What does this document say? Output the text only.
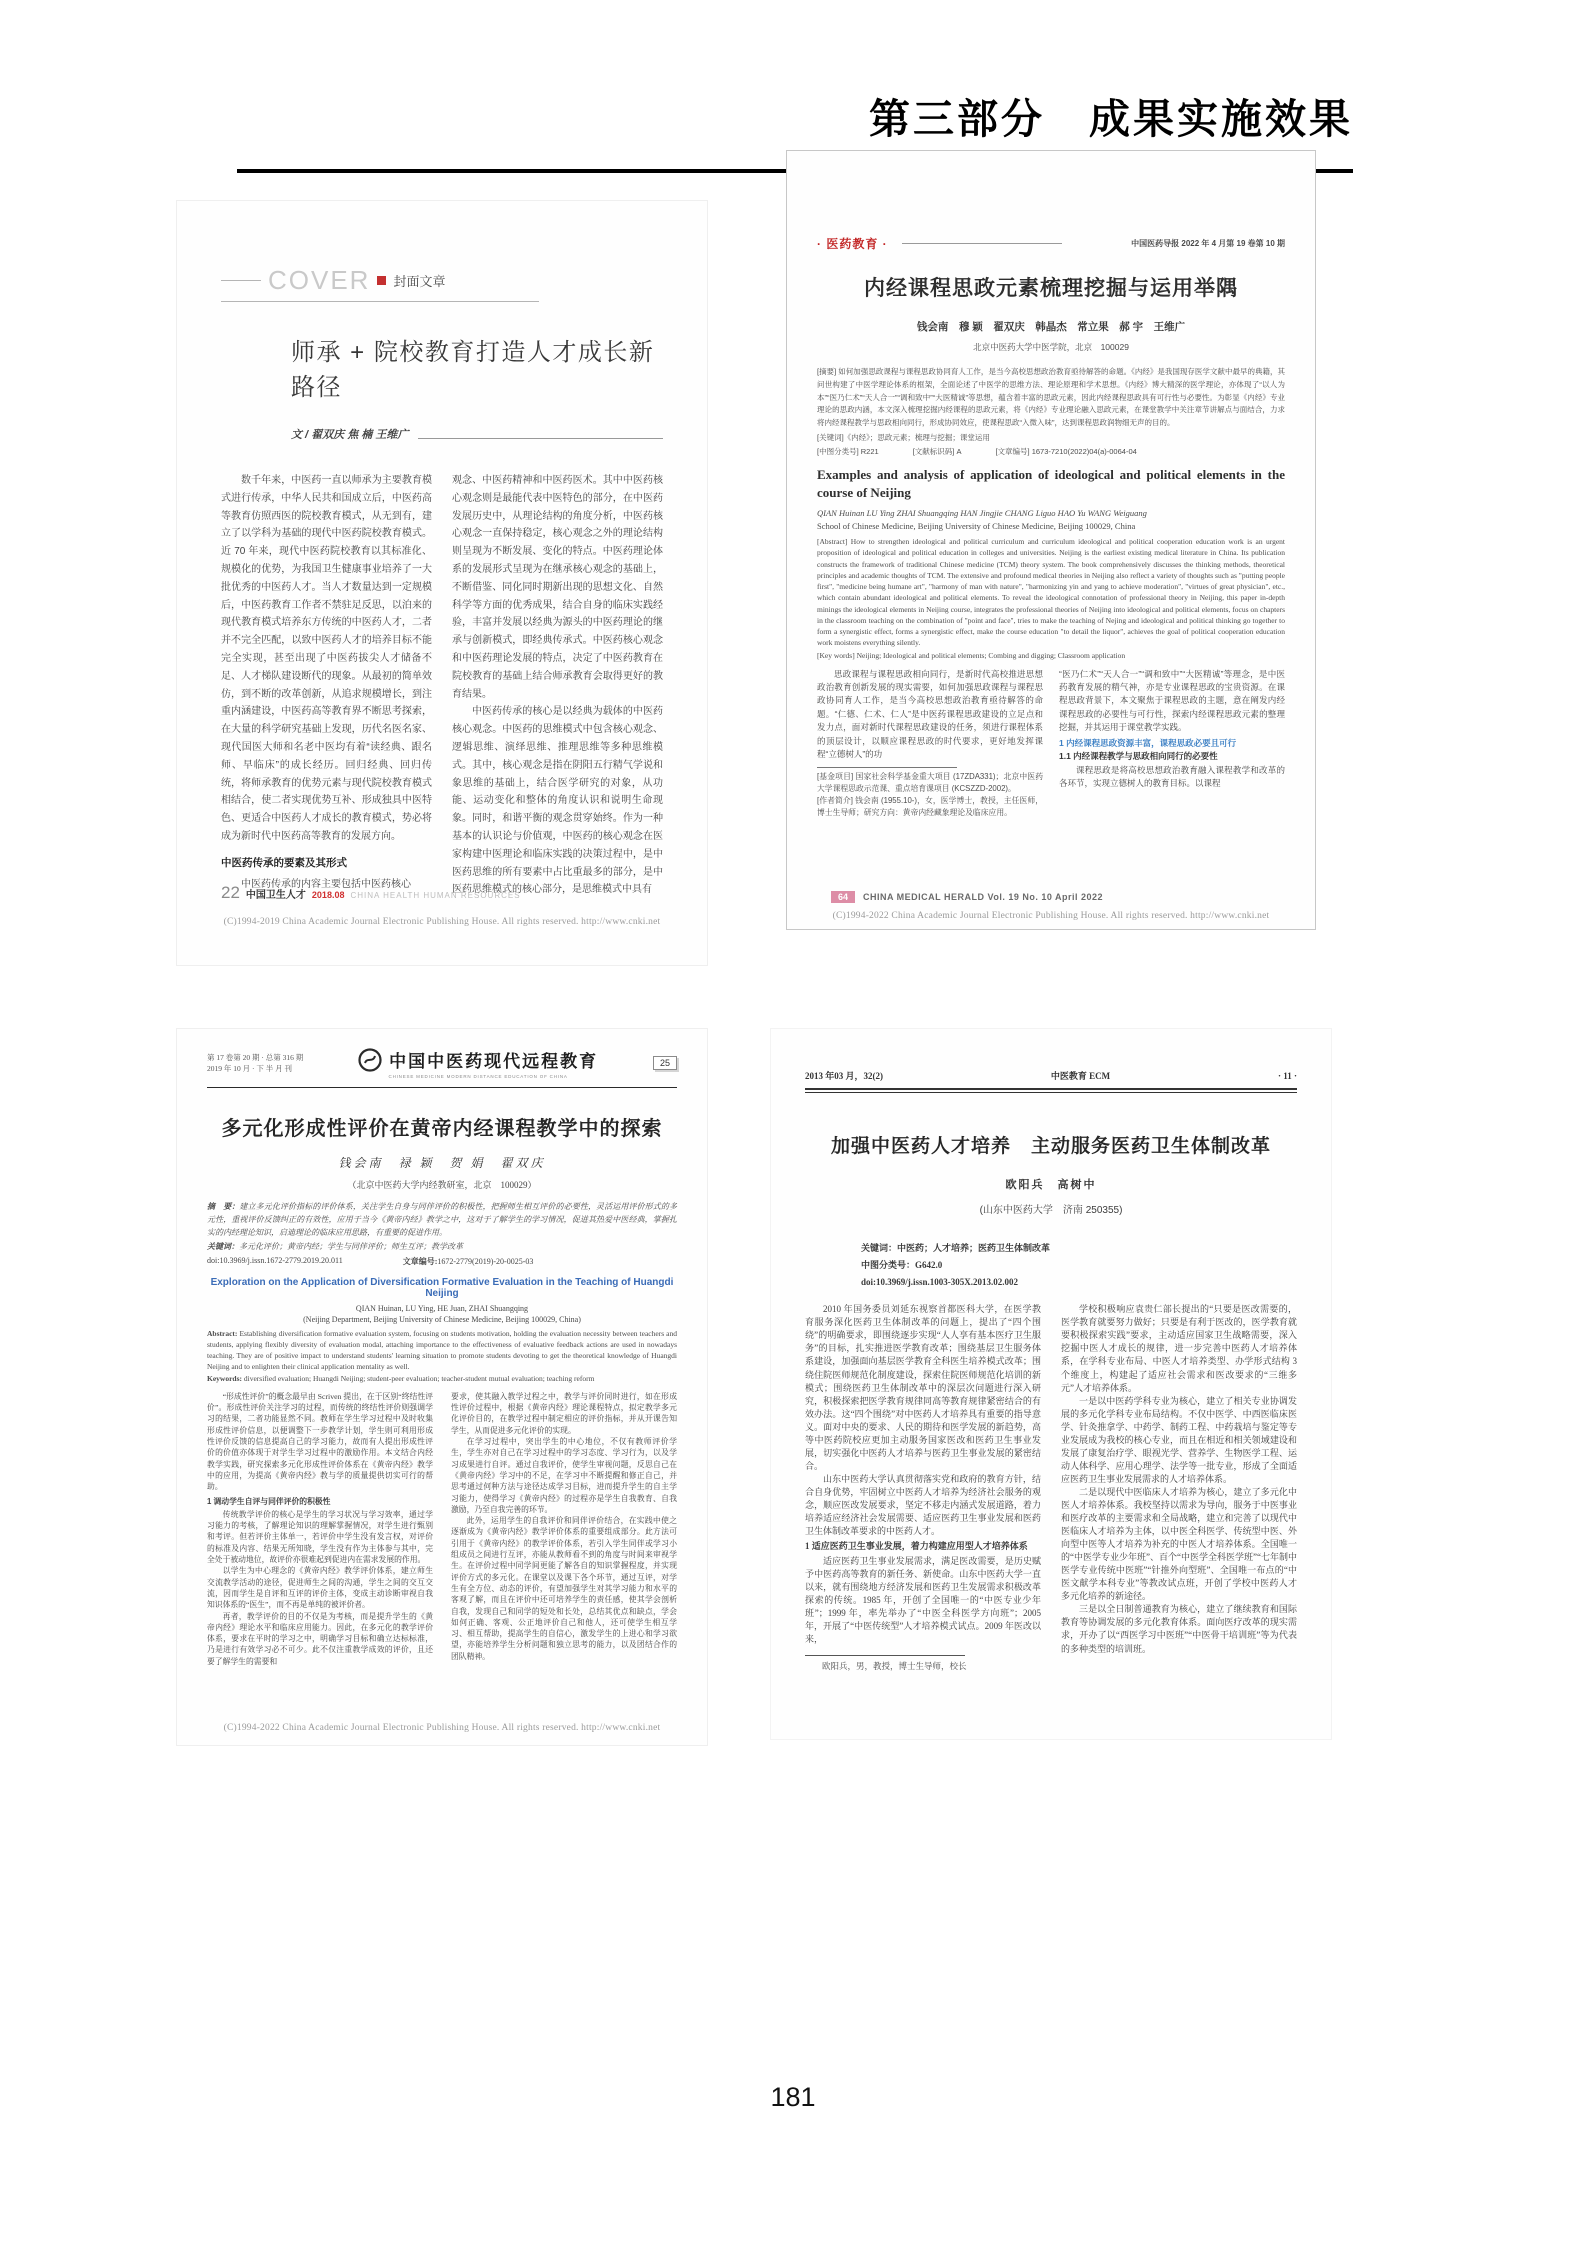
第三部分　成果实施效果
COVER 封面文章
师承 + 院校教育打造人才成长新路径
文 / 翟双庆 焦 楠 王维广

数千年来，中医药一直以师承为主要教育模式进行传承，中华人民共和国成立后，中医药高等教育仿照西医的院校教育模式，从无到有，建立了以学科为基础的现代中医药院校教育模式。近 70 年来，现代中医药院校教育以其标准化、规模化的优势，为我国卫生健康事业培养了一大批优秀的中医药人才。当人才数量达到一定规模后，中医药教育工作者不禁驻足反思，以泊来的现代教育模式培养东方传统的中医药人才，二者并不完全匹配，以致中医药人才的培养目标不能完全实现，甚至出现了中医药拔尖人才储备不足、人才梯队建设断代的现象。从最初的简单效仿，到不断的改革创新，从追求规模增长，到注重内涵建设，中医药高等教育界不断思考探索，在大量的科学研究基础上发现，历代名医名家、现代国医大师和名老中医均有着“读经典、跟名师、早临床”的成长经历。回归经典、回归传统，将师承教育的优势元素与现代院校教育模式相结合，使二者实现优势互补、形成独具中医特色、更适合中医药人才成长的教育模式，势必将成为新时代中医药高等教育的发展方向。

中医药传承的要素及其形式

中医药传承的内容主要包括中医药核心

观念、中医药精神和中医药医术。其中中医药核心观念则是最能代表中医特色的部分，在中医药发展历史中，从理论结构的角度分析，中医药核心观念一直保持稳定，核心观念之外的理论结构则呈现为不断发展、变化的特点。中医药理论体系的发展形式呈现为在继承核心观念的基础上，不断借鉴、同化同时期新出现的思想文化、自然科学等方面的优秀成果，结合自身的临床实践经验，丰富并发展以经典为源头的中医药理论的继承与创新模式，即经典传承式。中医药核心观念和中医药理论发展的特点，决定了中医药教育在院校教育的基础上结合师承教育会取得更好的教育结果。

中医药传承的核心是以经典为载体的中医药核心观念。中医药的思维模式中包含核心观念、逻辑思维、演绎思维、推理思维等多种思维模式。其中，核心观念是指在阴阳五行精气学说和象思维的基础上，结合医学研究的对象，从功能、运动变化和整体的角度认识和说明生命现象。同时，和谐平衡的观念贯穿始终。作为一种基本的认识论与价值观，中医药的核心观念在医家构建中医理论和临床实践的决策过程中，是中医药思维的所有要素中占比重最多的部分，是中医药思维模式的核心部分，是思维模式中具有

22 中国卫生人才 2018.08 CHINA HEALTH HUMAN RESOURCES
(C)1994-2019 China Academic Journal Electronic Publishing House. All rights reserved. http://www.cnki.net
· 医药教育 ·	中国医药导报 2022 年 4 月第 19 卷第 10 期
内经课程思政元素梳理挖掘与运用举隅
钱会南　穆 颖　翟双庆　韩晶杰　常立果　郝 宇　王维广
北京中医药大学中医学院，北京　100029
[摘要] 如何加强思政课程与课程思政协同育人工作，是当今高校思想政治教育亟待解答的命题。《内经》是我国现存医学文献中最早的典籍，其问世构建了中医学理论体系的框架，全面论述了中医学的思维方法、理论原理和学术思想。《内经》博大精深的医学理论，亦体现了“以人为本”“医乃仁术”“天人合一”“调和致中”“大医精诚”等思想，蕴含着丰富的思政元素，因此内经课程思政具有可行性与必要性。为彰显《内经》专业理论的思政内涵，本文深入梳理挖掘内经课程的思政元素，将《内经》专业理论融入思政元素，在课堂教学中关注章节讲解点与面结合，力求将内经课程教学与思政相向同行，形成协同效应，使课程思政“入微入味”，达到课程思政润物细无声的目的。
[关键词]《内经》；思政元素；梳理与挖掘；课堂运用
[中图分类号] R221	[文献标识码] A	[文章编号] 1673-7210(2022)04(a)-0064-04
Examples and analysis of application of ideological and political elements in the course of Neijing
QIAN Huinan LU Ying ZHAI Shuangqing HAN Jingjie CHANG Liguo HAO Yu WANG Weiguang
School of Chinese Medicine, Beijing University of Chinese Medicine, Beijing 100029, China
[Abstract] How to strengthen ideological and political curriculum and curriculum ideological and political cooperation education work is an urgent proposition of ideological and political education in colleges and universities. Neijing is the earliest existing medical literature in China. Its publication constructs the framework of traditional Chinese medicine (TCM) theory system. The book comprehensively discusses the thinking methods, theoretical principles and academic thoughts of TCM. The extensive and profound medical theories in Neijing also reflect a variety of thoughts such as "putting people first", "medicine being humane art", "harmony of man with nature", "harmonizing yin and yang to achieve moderation", "virtues of great physician", etc., which contain abundant ideological and political elements. To reveal the ideological connotation of professional theory in Neijing, this paper in-depth minings the ideological elements in Neijing course, integrates the professional theories of Neijing into ideological and political elements, focus on chapters in the classroom teaching on the combination of "point and face", tries to make the teaching of Nejing and ideological and political thinking go together to form a synergistic effect, forms a synergistic effect, make the course education "to detail the liquor", achieves the goal of political cooperation education work moistens everything silently.
[Key words] Neijing; Ideological and political elements; Combing and digging; Classroom application

思政课程与课程思政相向同行，是新时代高校推进思想政治教育创新发展的现实需要，如何加强思政课程与课程思政协同育人工作，是当今高校思想政治教育亟待解答的命题。“仁德、仁术、仁人”是中医药课程思政建设的立足点和发力点，面对新时代课程思政建设的任务，须进行课程体系的顶层设计，以顺应课程思政的时代要求，更好地发挥课程“立德树人”的功

[基金项目] 国家社会科学基金重大项目 (17ZDA331)；北京中医药大学课程思政示范课、重点培育课项目 (KCSZZD-2002)。

[作者简介] 钱会南 (1955.10-)，女，医学博士，教授，主任医师，博士生导师；研究方向：黄帝内经藏象理论及临床应用。

“医乃仁术”“天人合一”“调和致中”“大医精诚”等理念，是中医药教育发展的精气神，亦是专业课程思政的宝贵资源。在课程思政背景下，本文聚焦于课程思政的主题，意在阐发内经课程思政的必要性与可行性，探索内经课程思政元素的整理挖掘，并其运用于课堂教学实践。

1 内经课程思政资源丰富，课程思政必要且可行

1.1 内经课程教学与思政相向同行的必要性

课程思政是将高校思想政治教育融入课程教学和改革的各环节，实现立德树人的教育目标。以课程

64	CHINA MEDICAL HERALD Vol. 19 No. 10 April 2022
(C)1994-2022 China Academic Journal Electronic Publishing House. All rights reserved. http://www.cnki.net
第 17 卷第 20 期 · 总第 316 期
2019 年 10 月 · 下 半 月 刊	中国中医药现代远程教育
CHINESE MEDICINE MODERN DISTANCE EDUCATION OF CHINA
25
多元化形成性评价在黄帝内经课程教学中的探索
钱会南　禄 颖　贺 娟　翟双庆
（北京中医药大学内经教研室，北京　100029）
摘　要：建立多元化评价指标的评价体系，关注学生自身与同伴评价的积极性，把握师生相互评价的必要性，灵活运用评价形式的多元性，重视评价反馈纠正的有效性，应用于当今《黄帝内经》教学之中，这对于了解学生的学习情况，促进其热爱中医经典，掌握扎实的内经理论知识，启迪理论的临床应用思路，有重要的促进作用。
关键词：多元化评价；黄帝内经；学生与同伴评价；师生互评；教学改革
doi:10.3969/j.issn.1672-2779.2019.20.011	文章编号:1672-2779(2019)-20-0025-03
Exploration on the Application of Diversification Formative Evaluation in the Teaching of Huangdi Neijing
QIAN Huinan, LU Ying, HE Juan, ZHAI Shuangqing
(Neijing Department, Beijing University of Chinese Medicine, Beijing 100029, China)
Abstract: Establishing diversification formative evaluation system, focusing on students motivation, holding the evaluation necessity between teachers and students, applying flexibly diversity of evaluation modal, attaching importance to the effectiveness of evaluative feedback actions are used in nowadays teaching. They are of positive impact to understand students' learning situation to promote students devoting to get the theoretical knowledge of Huangdi Neijing and to enlighten their clinical application mentality as well.
Keywords: diversified evaluation; Huangdi Neijing; student-peer evaluation; teacher-student mutual evaluation; teaching reform

“形成性评价”的概念最早由 Scriven 提出，在于区别“终结性评价”。形成性评价关注学习的过程，而传统的终结性评价则强调学习的结果，二者功能显然不同。教师在学生学习过程中及时收集形成性评价信息，以便调整下一步教学计划，学生则可利用形成性评价反馈的信息提高自己的学习能力，故而有人提出形成性评价的价值亦体现于对学生学习过程中的激励作用。本文结合内经教学实践，研究探索多元化形成性评价体系在《黄帝内经》教学中的应用，为提高《黄帝内经》教与学的质量提供切实可行的帮助。

1 调动学生自评与同伴评价的积极性

传统教学评价的核心是学生的学习状况与学习效率，通过学习能力的考核，了解理论知识的理解掌握情况，对学生进行甄别和考评。但若评价主体单一，若评价中学生没有发言权，对评价的标准及内容、结果无所知晓，学生没有作为主体参与其中，完全处于被动地位，故评价亦很难起到促进内在需求发展的作用。

以学生为中心理念的《黄帝内经》教学评价体系，建立师生交流教学活动的途径，促进师生之间的沟通，学生之间的交互交流，因而学生是自评和互评的评价主体，变成主动诊断审视自我知识体系的“医生”，而不再是单纯的被评价者。

再者，教学评价的目的不仅是为考核，而是提升学生的《黄帝内经》理论水平和临床应用能力。因此，在多元化的教学评价体系，要求在平时的学习之中，明确学习目标和确立达标标准，乃是进行有效学习必不可少。此不仅注重教学成效的评价，且还要了解学生的需要和

要求，使其融入教学过程之中，教学与评价同时进行，如在形成性评价过程中，根据《黄帝内经》理论课程特点，拟定教学多元化评价目的，在教学过程中制定相应的评价指标，并从开课告知学生，从而促进多元化评价的实现。

在学习过程中，突出学生的中心地位，不仅有教师评价学生，学生亦对自己在学习过程中的学习态度、学习行为，以及学习成果进行自评。通过自我评价，使学生审视问题，反思自己在《黄帝内经》学习中的不足，在学习中不断提醒和修正自己，并思考通过何种方法与途径达成学习目标，进而提升学生的自主学习能力，使得学习《黄帝内经》的过程亦是学生自我教育、自我激励，乃至自我完善的环节。

此外，运用学生的自我评价和同伴评价结合，在实践中使之逐渐成为《黄帝内经》教学评价体系的重要组成部分。此方法可引用于《黄帝内经》的教学评价体系，若引入学生同伴或学习小组成员之间进行互评，亦能从教师看不到的角度与时间来审视学生。在评价过程中同学间更能了解各自的知识掌握程度，并实现评价方式的多元化。在课堂以及课下各个环节，通过互评，对学生有全方位、动态的评价，有望加强学生对其学习能力和水平的客观了解，而且在评价中还可培养学生的责任感，使其学会剖析自我，发现自己和同学的短处和长处，总结其优点和缺点，学会如何正确、客观、公正地评价自己和他人，还可使学生相互学习、相互帮助，提高学生的自信心，激发学生的上进心和学习欲望，亦能培养学生分析问题和独立思考的能力，以及团结合作的团队精神。

(C)1994-2022 China Academic Journal Electronic Publishing House. All rights reserved. http://www.cnki.net
2013 年03 月，32(2)	中医教育 ECM	· 11 ·
加强中医药人才培养　主动服务医药卫生体制改革
欧阳兵　高树中
(山东中医药大学　济南 250355)
关键词：中医药；人才培养；医药卫生体制改革
中图分类号：G642.0
doi:10.3969/j.issn.1003-305X.2013.02.002

2010 年国务委员刘延东视察首都医科大学，在医学教育服务深化医药卫生体制改革的问题上，提出了“四个围绕”的明确要求，即围绕逐步实现“人人享有基本医疗卫生服务”的目标，扎实推进医学教育改革；围绕基层卫生服务体系建设，加强面向基层医学教育全科医生培养模式改革；围绕住院医师规范化制度建设，探索住院医师规范化培训的新模式；围绕医药卫生体制改革中的深层次问题进行深入研究，积极探索把医学教育规律同高等教育规律紧密结合的有效办法。这“四个围绕”对中医药人才培养具有重要的指导意义。面对中央的要求、人民的期待和医学发展的新趋势，高等中医药院校应更加主动服务国家医改和医药卫生事业发展，切实强化中医药人才培养与医药卫生事业发展的紧密结合。

山东中医药大学认真贯彻落实党和政府的教育方针，结合自身优势，牢固树立中医药人才培养为经济社会服务的观念，顺应医改发展要求，坚定不移走内涵式发展道路，着力培养适应经济社会发展需要、适应医药卫生事业发展和医药卫生体制改革要求的中医药人才。

1 适应医药卫生事业发展，着力构建应用型人才培养体系

适应医药卫生事业发展需求，满足医改需要，是历史赋予中医药高等教育的新任务、新使命。山东中医药大学一直以来，就有围绕地方经济发展和医药卫生发展需求积极改革探索的传统。1985 年，开创了全国唯一的“中医专业少年班”；1999 年，率先举办了“中医全科医学方向班”；2005 年，开展了“中医传统型”人才培养模式试点。2009 年医改以来，

欧阳兵，男，教授，博士生导师，校长

学校积极响应袁贵仁部长提出的“只要是医改需要的，医学教育就要努力做好；只要是有利于医改的，医学教育就要积极探索实践”要求，主动适应国家卫生战略需要，深入挖掘中医人才成长的规律，进一步完善中医药人才培养体系，在学科专业布局、中医人才培养类型、办学形式结构 3 个维度上，构建起了适应社会需求和医改要求的“三维多元”人才培养体系。

一是以中医药学科专业为核心，建立了相关专业协调发展的多元化学科专业布局结构。不仅中医学、中西医临床医学、针灸推拿学、中药学、制药工程、中药栽培与鉴定等专业发展成为我校的核心专业，而且在相近和相关领域建设和发展了康复治疗学、眼视光学、营养学、生物医学工程、运动人体科学、应用心理学、法学等一批专业，形成了全面适应医药卫生事业发展需求的人才培养体系。

二是以现代中医临床人才培养为核心，建立了多元化中医人才培养体系。我校坚持以需求为导向，服务于中医事业和医疗改革的主要需求和全局战略，建立和完善了以现代中医临床人才培养为主体，以中医全科医学、传统型中医、外向型中医等人才培养为补充的中医人才培养体系。全国唯一的“中医学专业少年班”、百个“中医学全科医学班”“七年制中医学专业传统中医班”“针推外向型班”、全国唯一布点的“中医文献学本科专业”等教改试点班，开创了学校中医药人才多元化培养的新途径。

三是以全日制普通教育为核心，建立了继续教育和国际教育等协调发展的多元化教育体系。面向医疗改革的现实需求，开办了以“西医学习中医班”“中医骨干培训班”等为代表的多种类型的培训班。

181
